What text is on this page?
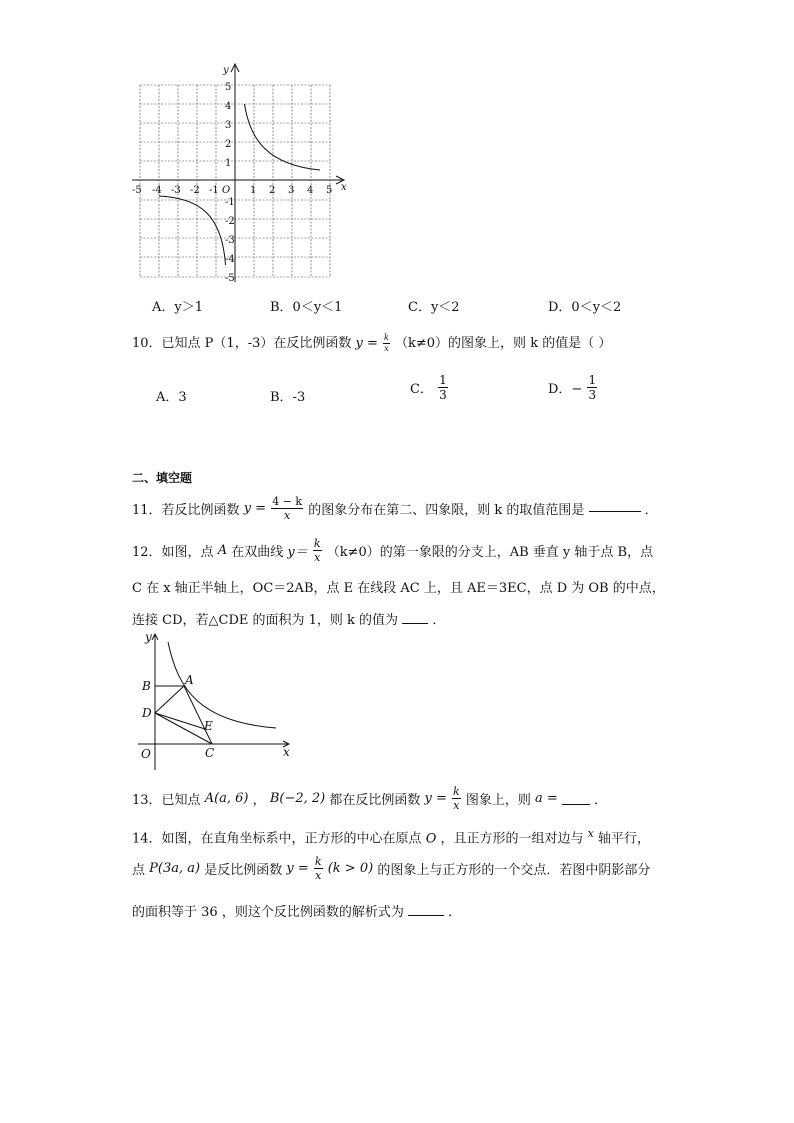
-5 -4 -3 -2 -1 O 1 2 3 4 5 x
y
5
4
3
2
1
-1
-2
-3
-4
-5
A．y＞1	B．0＜y＜1	C．y＜2	D．0＜y＜2
10．已知点 P（1，-3）在反比例函数 $y = \frac{k}{x} (k\ne 0)$的图象上，则 k 的值是（ ）
A．3	B．-3
C． $\frac{1}{3}$	D．− $\frac{1}{3}$
二、填空题
11．若反比例函数 $y = \frac{4 - k}{x}$ 的图象分布在第二、四象限，则 k 的取值范围是	．
12．如图，点 A 在双曲线 $y= \frac{k}{x} (k\ne 0)$的第一象限的分支上，AB 垂直 y 轴于点 B，点
C 在 x 轴正半轴上，OC＝2AB，点 E 在线段 AC 上，且 AE＝3EC，点 D 为 OB 的中点，
连接 CD，若△CDE 的面积为 1，则 k 的值为	．
y
x
B	A
D
E
O	C
13．已知点 A(a, 6) ， B(−2, 2) 都在反比例函数 $y = \frac{k}{x}$ 图象上，则 a =	．
14．如图，在直角坐标系中，正方形的中心在原点 O ，且正方形的一组对边与 $^x$ 轴平行，
点 P(3a, a) 是反比例函数 $y = \frac{k}{x} (k > 0)$ 的图象上与正方形的一个交点．若图中阴影部分
的面积等于 36 ，则这个反比例函数的解析式为	．
